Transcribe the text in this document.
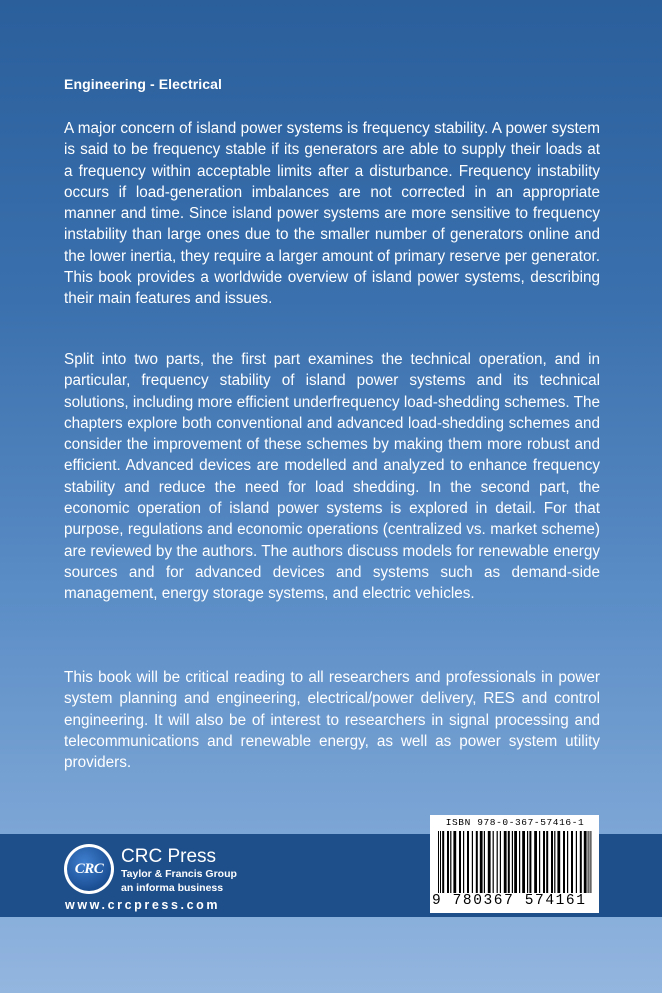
Engineering - Electrical

A major concern of island power systems is frequency stability. A power system is said to be frequency stable if its generators are able to supply their loads at a frequency within acceptable limits after a disturbance. Frequency instability occurs if load-generation imbalances are not corrected in an appropriate manner and time. Since island power systems are more sensitive to frequency instability than large ones due to the smaller number of generators online and the lower inertia, they require a larger amount of primary reserve per generator. This book provides a worldwide overview of island power systems, describing their main features and issues.

Split into two parts, the first part examines the technical operation, and in particular, frequency stability of island power systems and its technical solutions, including more efficient underfrequency load-shedding schemes. The chapters explore both conventional and advanced load-shedding schemes and consider the improvement of these schemes by making them more robust and efficient. Advanced devices are modelled and analyzed to enhance frequency stability and reduce the need for load shedding. In the second part, the economic operation of island power systems is explored in detail. For that purpose, regulations and economic operations (centralized vs. market scheme) are reviewed by the authors. The authors discuss models for renewable energy sources and for advanced devices and systems such as demand-side management, energy storage systems, and electric vehicles.

This book will be critical reading to all researchers and professionals in power system planning and engineering, electrical/power delivery, RES and control engineering. It will also be of interest to researchers in signal processing and telecommunications and renewable energy, as well as power system utility providers.

CRC
CRC Press
Taylor & Francis Group
an informa business
www.crcpress.com
ISBN 978-0-367-57416-1
9 780367 574161
